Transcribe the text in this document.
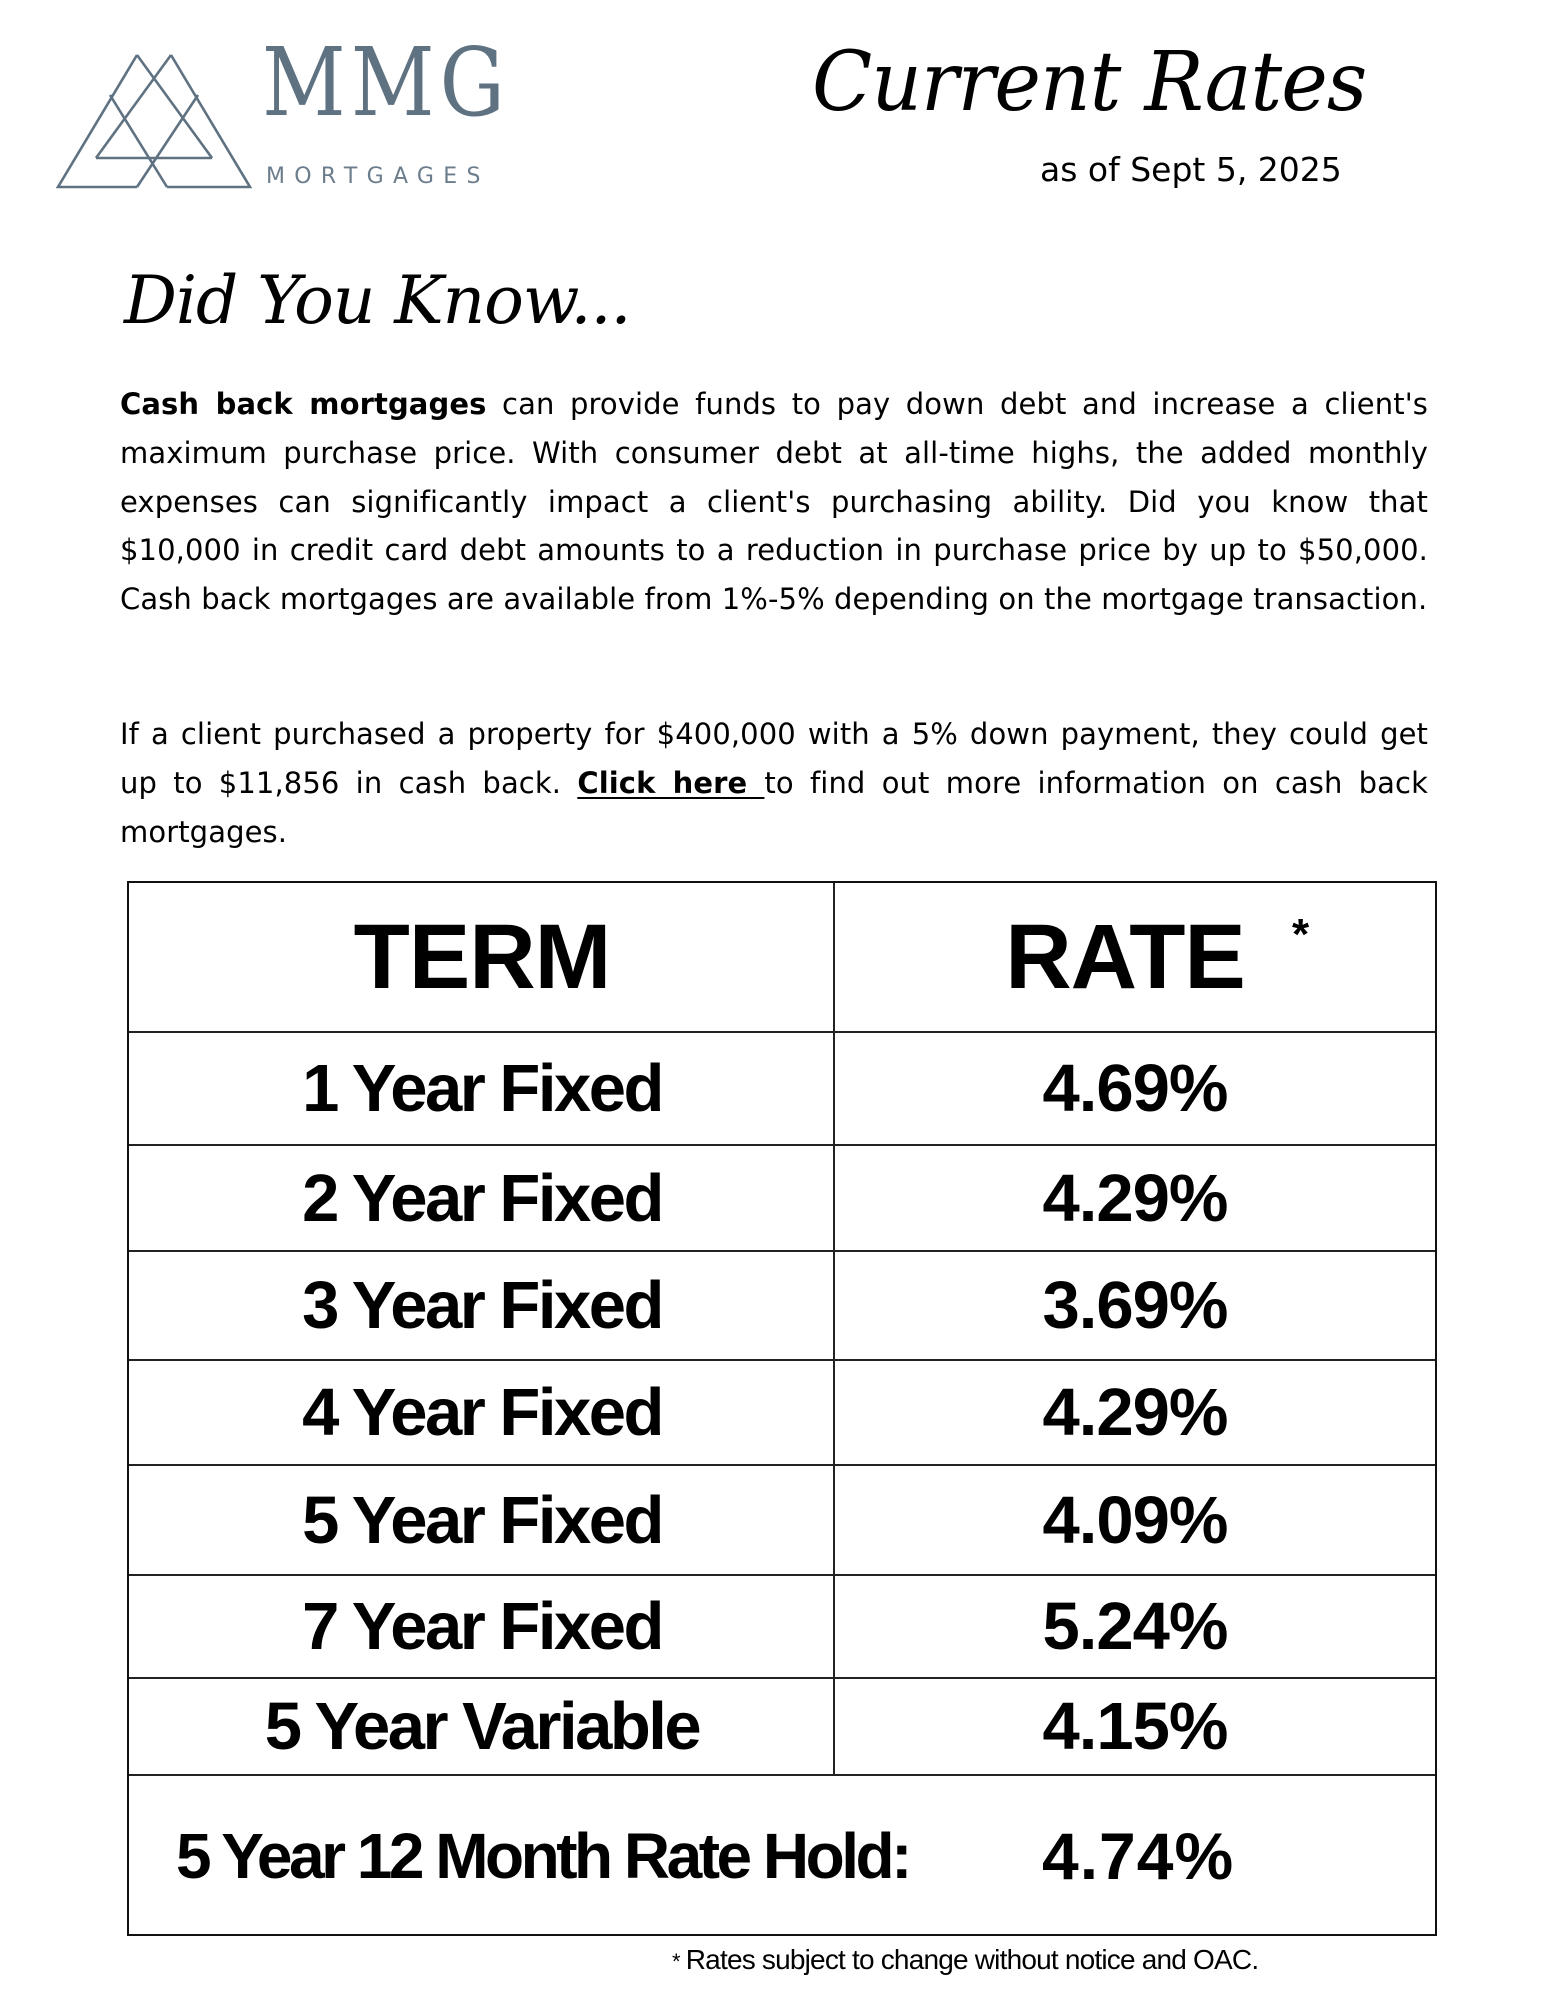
MMG
MORTGAGES
Current Rates
as of Sept 5, 2025
Did You Know...

Cash back mortgages can provide funds to pay down debt and increase a client's maximum purchase price. With consumer debt at all-time highs, the added monthly expenses can significantly impact a client's purchasing ability. Did you know that $10,000 in credit card debt amounts to a reduction in purchase price by up to $50,000. Cash back mortgages are available from 1%-5% depending on the mortgage transaction.

If a client purchased a property for $400,000 with a 5% down payment, they could get up to $11,856 in cash back. Click here to find out more information on cash back mortgages.

TERM	RATE *
1 Year Fixed	4.69%
2 Year Fixed	4.29%
3 Year Fixed	3.69%
4 Year Fixed	4.29%
5 Year Fixed	4.09%
7 Year Fixed	5.24%
5 Year Variable	4.15%
5 Year 12 Month Rate Hold: 4.74%
* Rates subject to change without notice and OAC.
